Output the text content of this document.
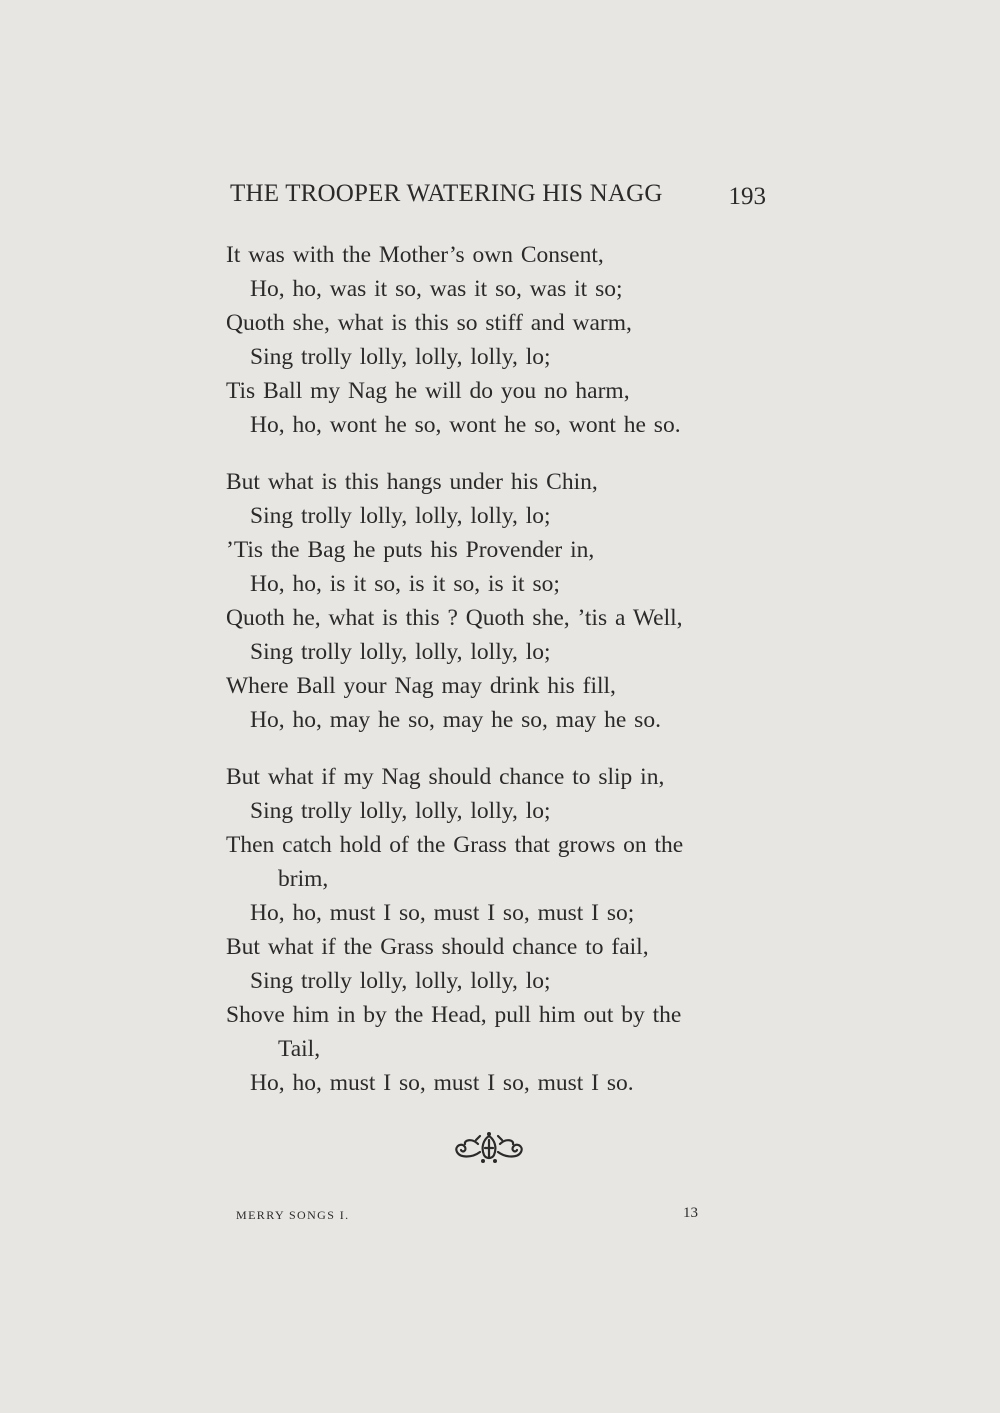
THE TROOPER WATERING HIS NAGG	193
It was with the Mother’s own Consent,
Ho, ho, was it so, was it so, was it so;
Quoth she, what is this so stiff and warm,
Sing trolly lolly, lolly, lolly, lo;
Tis Ball my Nag he will do you no harm,
Ho, ho, wont he so, wont he so, wont he so.
But what is this hangs under his Chin,
Sing trolly lolly, lolly, lolly, lo;
’Tis the Bag he puts his Provender in,
Ho, ho, is it so, is it so, is it so;
Quoth he, what is this ? Quoth she, ’tis a Well,
Sing trolly lolly, lolly, lolly, lo;
Where Ball your Nag may drink his fill,
Ho, ho, may he so, may he so, may he so.
But what if my Nag should chance to slip in,
Sing trolly lolly, lolly, lolly, lo;
Then catch hold of the Grass that grows on the
brim,
Ho, ho, must I so, must I so, must I so;
But what if the Grass should chance to fail,
Sing trolly lolly, lolly, lolly, lo;
Shove him in by the Head, pull him out by the
Tail,
Ho, ho, must I so, must I so, must I so.
MERRY SONGS I.	13
